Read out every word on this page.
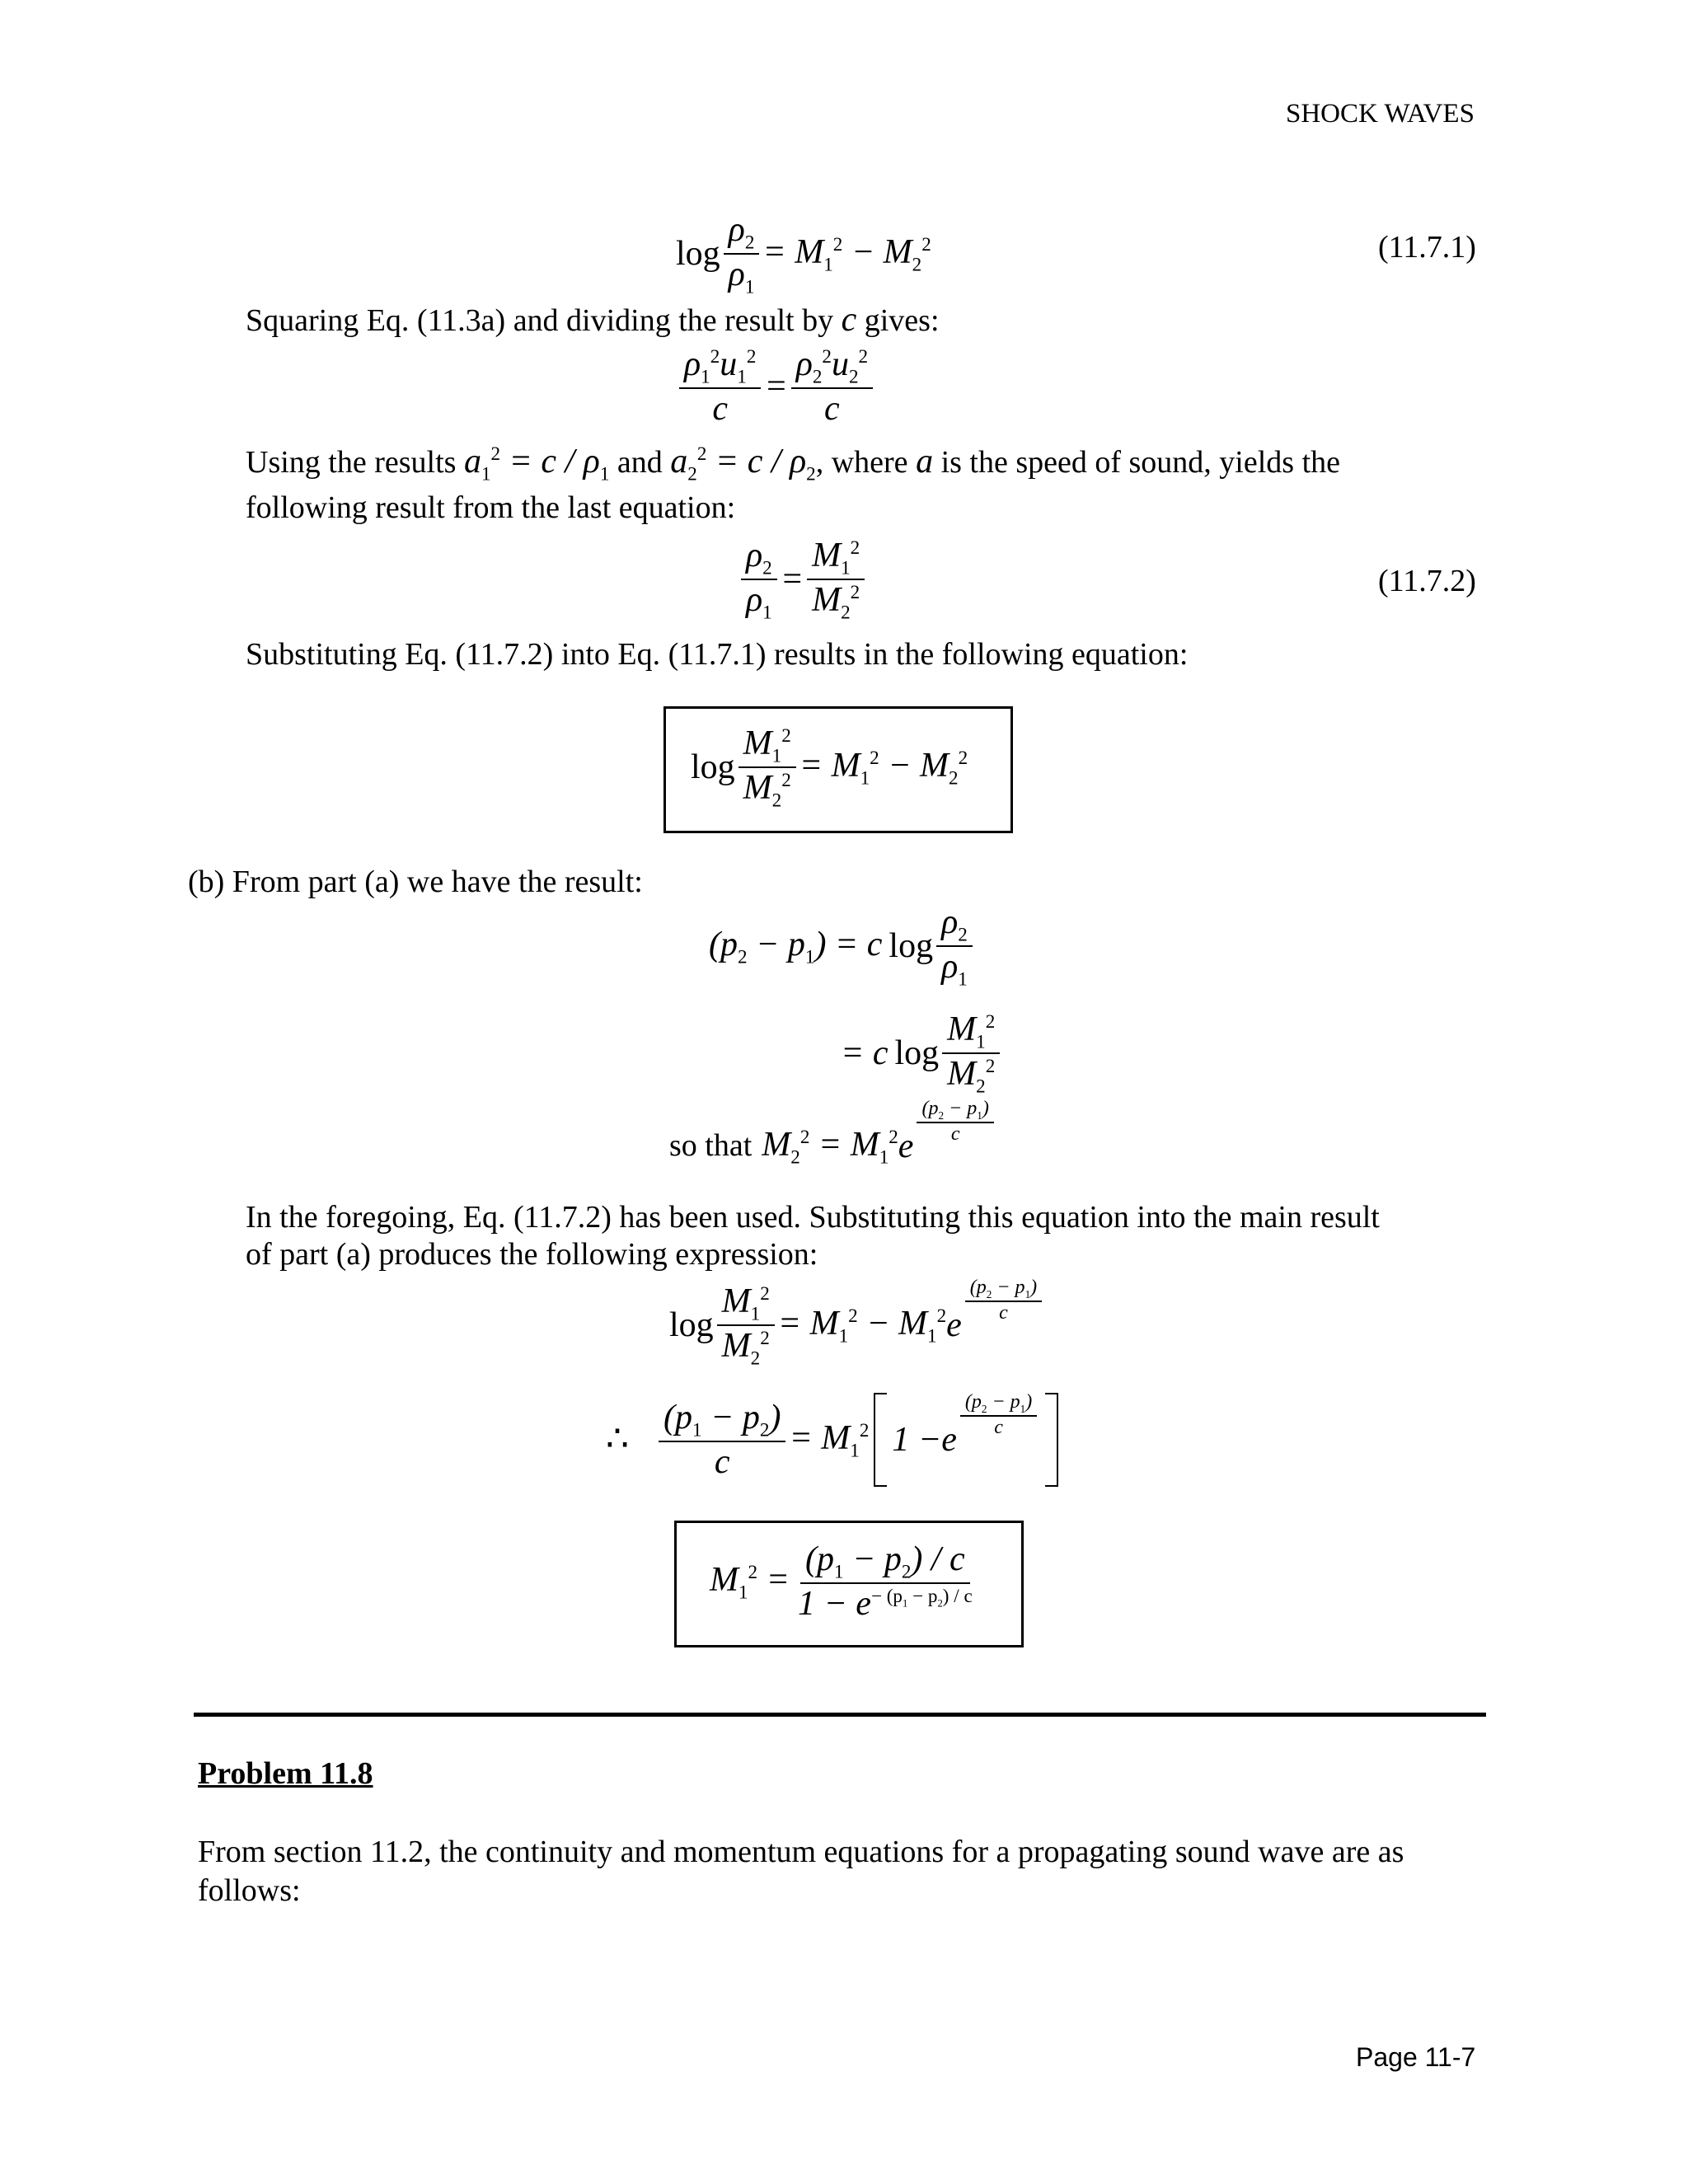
SHOCK WAVES
$\log \frac{\rho_2}{\rho_1} = M_1^2 - M_2^2$	(11.7.1)
Squaring Eq. (11.3a) and dividing the result by c gives:
$\frac{\rho_1^2u_1^2}{c} = \frac{\rho_2^2u_2^2}{c}$
Using the results $a_1^2 = c / \rho_1$ and $a_2^2 = c / \rho_2$, where a is the speed of sound, yields the
following result from the last equation:
$\frac{\rho_2}{\rho_1} = \frac{M_1^2}{M_2^2}$	(11.7.2)
Substituting Eq. (11.7.2) into Eq. (11.7.1) results in the following equation:
$\log \frac{M_1^2}{M_2^2} = M_1^2 - M_2^2$
(b) From part (a) we have the result:
$(p_2 - p_1) = c$ $\log \frac{\rho_2}{\rho_1}$
= c $\log \frac{M_1^2}{M_2^2}$
so that $M_2^2 = M_1^2$ e
$\frac{(p_2 - p_1)}{c}$
In the foregoing, Eq. (11.7.2) has been used. Substituting this equation into the main result
of part (a) produces the following expression:
$\log \frac{M_1^2}{M_2^2} = M_1^2 - M_1^2$ e
$\frac{(p_2 - p_1)}{c}$
∴ $\frac{(p_1 - p_2)}{c} = M_1^2$ 1 − e
$\frac{(p_2 - p_1)}{c}$
$M_1^2 = \frac{(p_1 - p_2) / c}{1 - e^{- (p_1 - p_2) / c}}$
Problem 11.8
From section 11.2, the continuity and momentum equations for a propagating sound wave are as
follows:
Page 11-7
